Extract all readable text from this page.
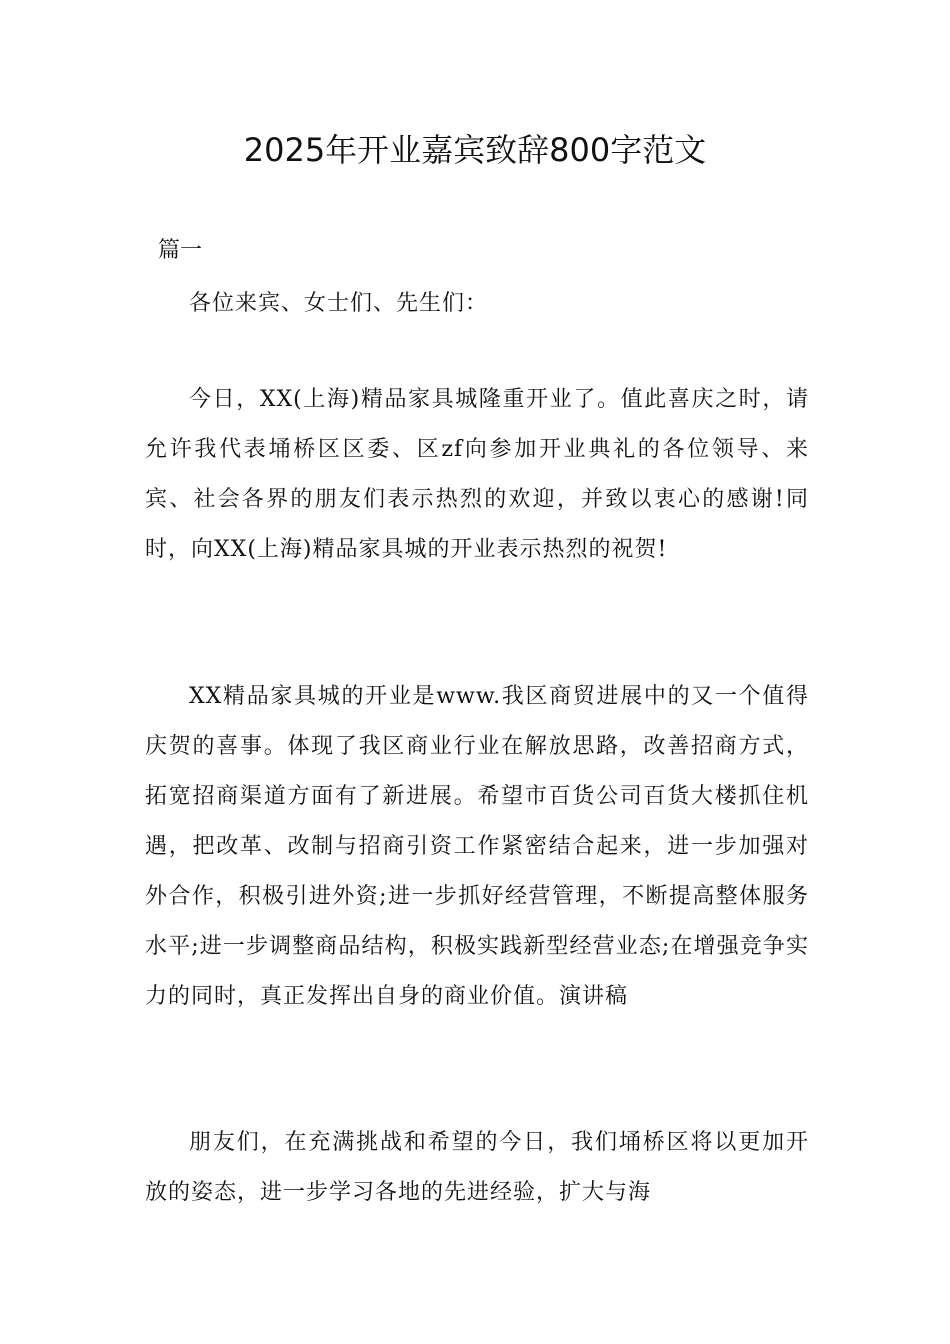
2025年开业嘉宾致辞800字范文

篇一

各位来宾、女士们、先生们：

今日，XX(上海)精品家具城隆重开业了。值此喜庆之时，请允许我代表埇桥区区委、区zf向参加开业典礼的各位领导、来宾、社会各界的朋友们表示热烈的欢迎，并致以衷心的感谢!同时，向XX(上海)精品家具城的开业表示热烈的祝贺!

XX精品家具城的开业是www.我区商贸进展中的又一个值得庆贺的喜事。体现了我区商业行业在解放思路，改善招商方式，拓宽招商渠道方面有了新进展。希望市百货公司百货大楼抓住机遇，把改革、改制与招商引资工作紧密结合起来，进一步加强对外合作，积极引进外资;进一步抓好经营管理，不断提高整体服务水平;进一步调整商品结构，积极实践新型经营业态;在增强竞争实力的同时，真正发挥出自身的商业价值。演讲稿

朋友们，在充满挑战和希望的今日，我们埇桥区将以更加开放的姿态，进一步学习各地的先进经验，扩大与海
